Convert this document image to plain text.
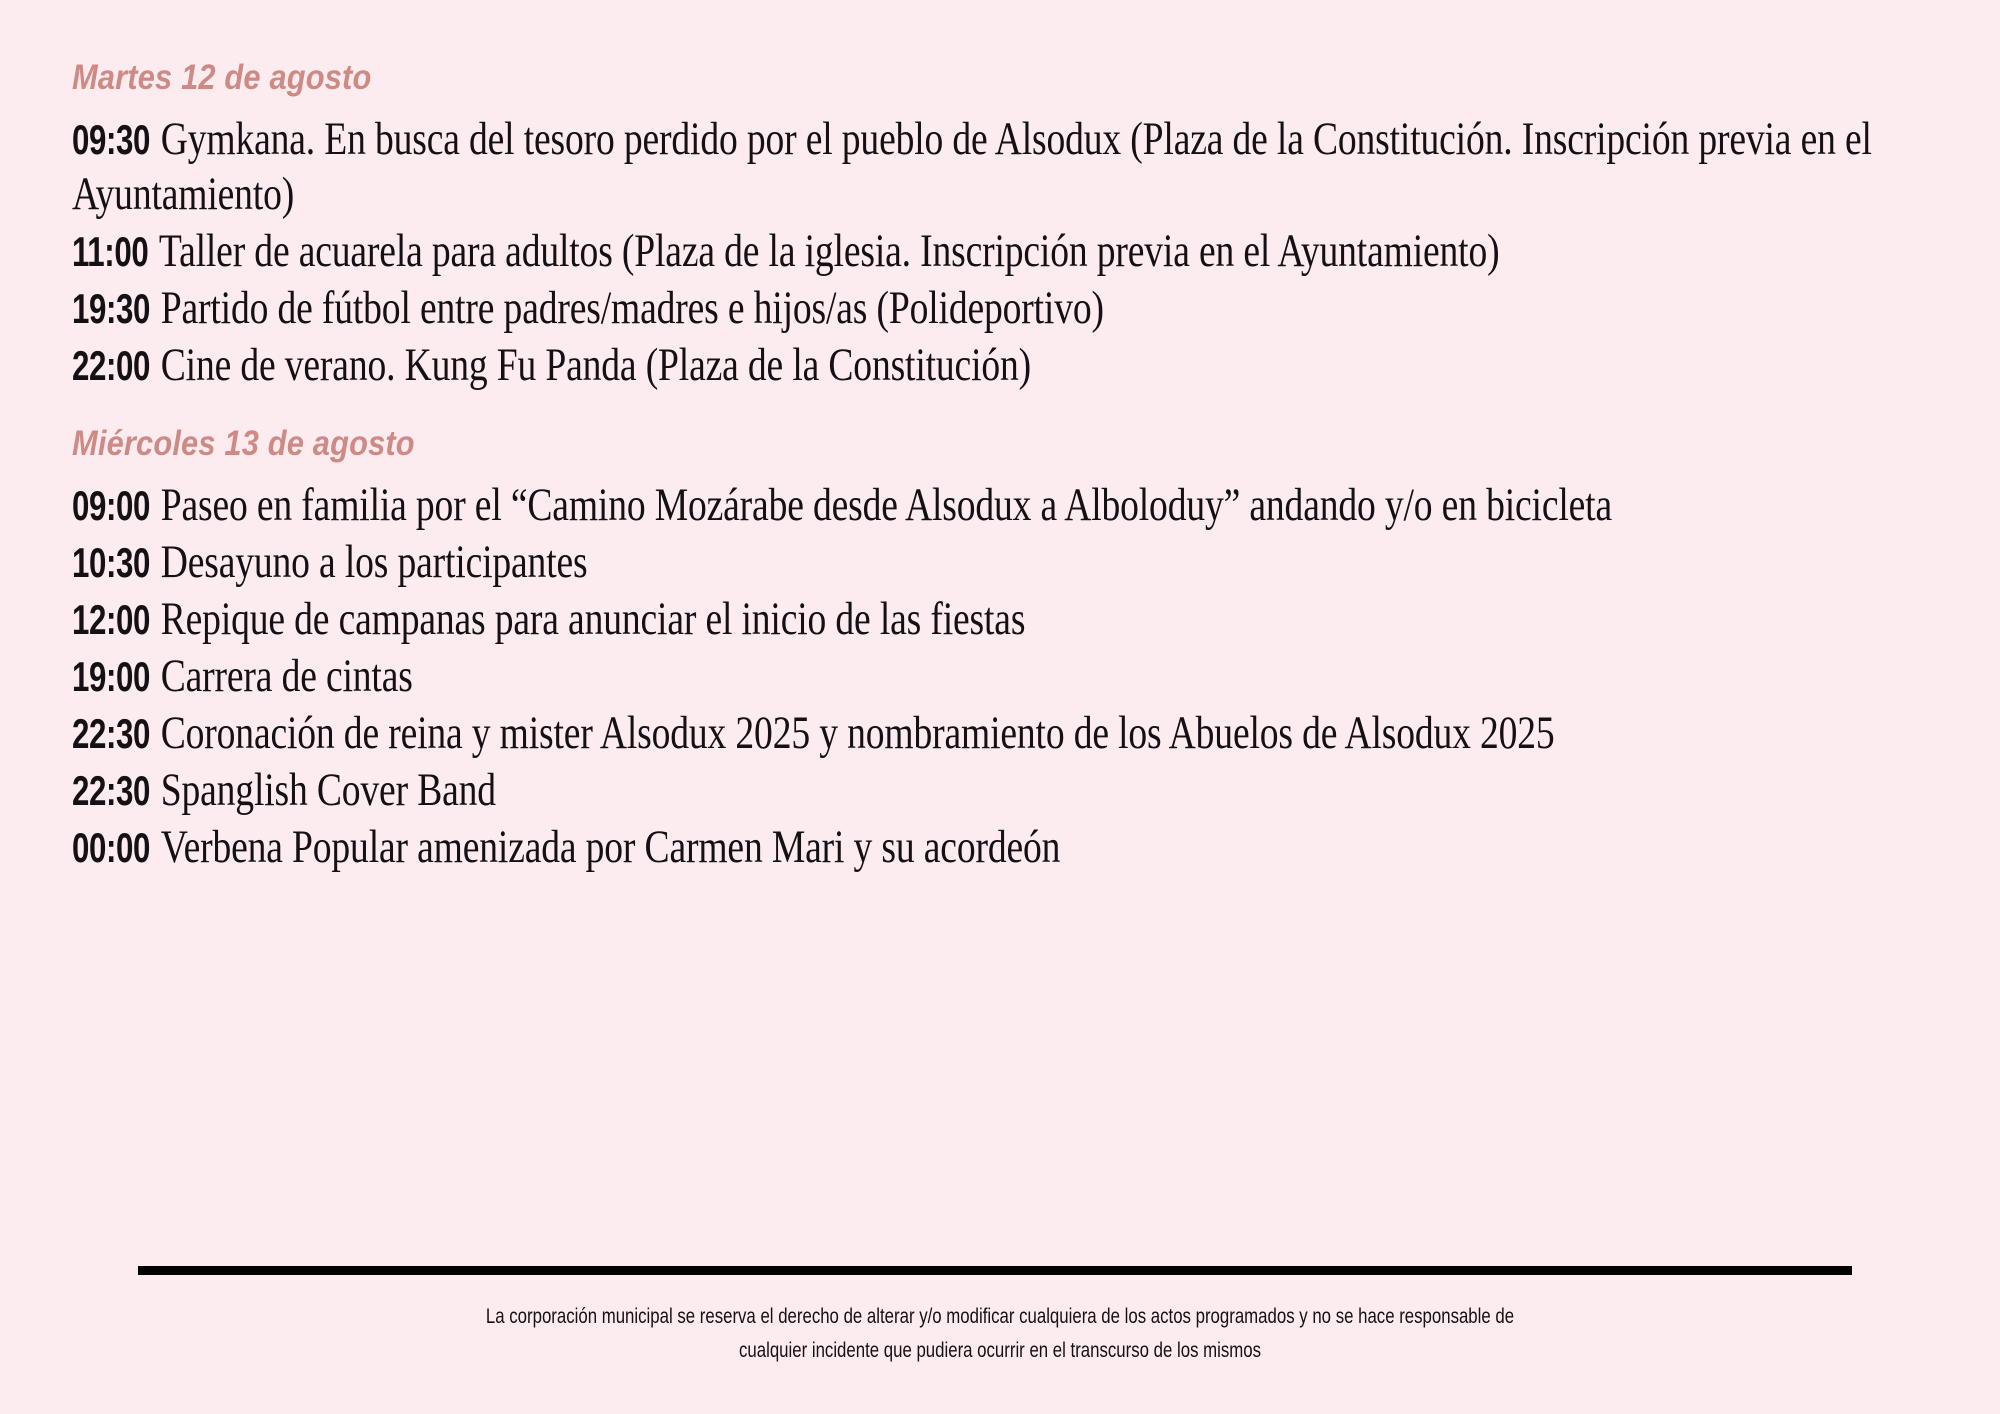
Martes 12 de agosto
09:30 Gymkana. En busca del tesoro perdido por el pueblo de Alsodux (Plaza de la Constitución. Inscripción previa en el Ayuntamiento)
11:00 Taller de acuarela para adultos (Plaza de la iglesia. Inscripción previa en el Ayuntamiento)
19:30 Partido de fútbol entre padres/madres e hijos/as (Polideportivo)
22:00 Cine de verano. Kung Fu Panda (Plaza de la Constitución)
Miércoles 13 de agosto
09:00 Paseo en familia por el “Camino Mozárabe desde Alsodux a Alboloduy” andando y/o en bicicleta
10:30 Desayuno a los participantes
12:00 Repique de campanas para anunciar el inicio de las fiestas
19:00 Carrera de cintas
22:30 Coronación de reina y mister Alsodux 2025 y nombramiento de los Abuelos de Alsodux 2025
22:30 Spanglish Cover Band
00:00 Verbena Popular amenizada por Carmen Mari y su acordeón
La corporación municipal se reserva el derecho de alterar y/o modificar cualquiera de los actos programados y no se hace responsable de
cualquier incidente que pudiera ocurrir en el transcurso de los mismos
